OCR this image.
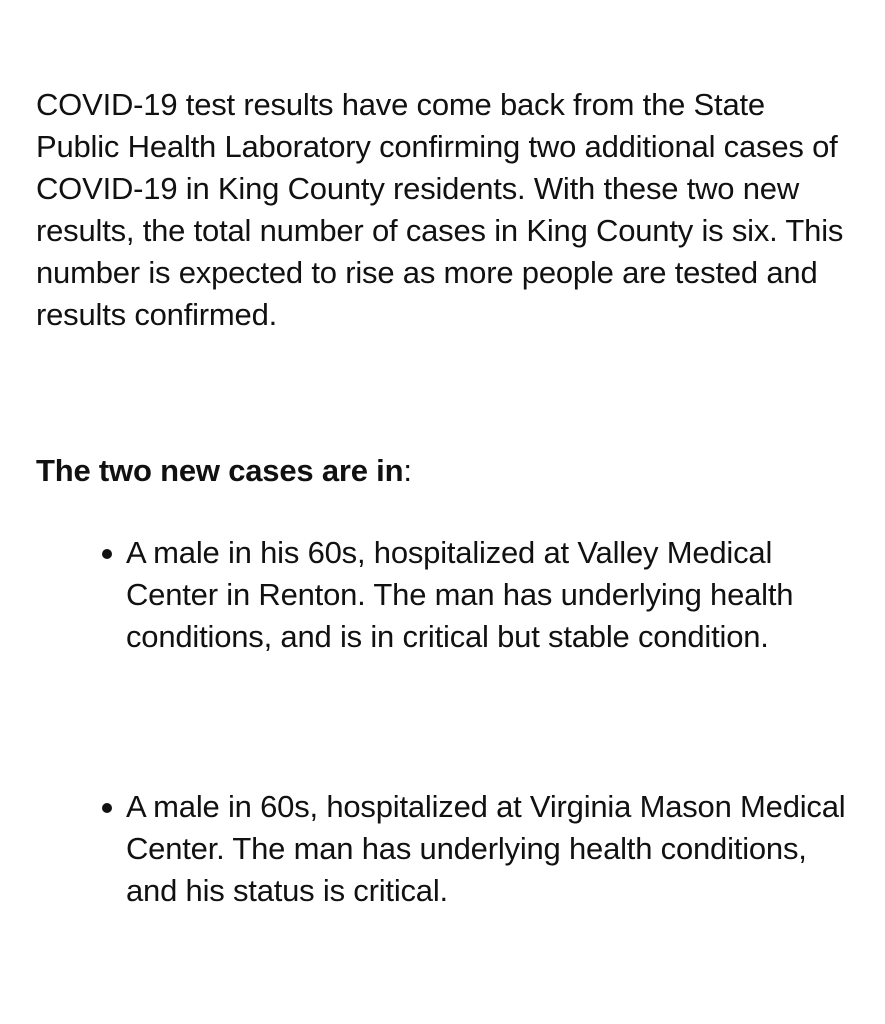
COVID-19 test results have come back from the State Public Health Laboratory confirming two additional cases of COVID-19 in King County residents. With these two new results, the total number of cases in King County is six. This number is expected to rise as more people are tested and results confirmed.

The two new cases are in:

A male in his 60s, hospitalized at Valley Medical Center in Renton. The man has underlying health conditions, and is in critical but stable condition.
A male in 60s, hospitalized at Virginia Mason Medical Center. The man has underlying health conditions, and his status is critical.
